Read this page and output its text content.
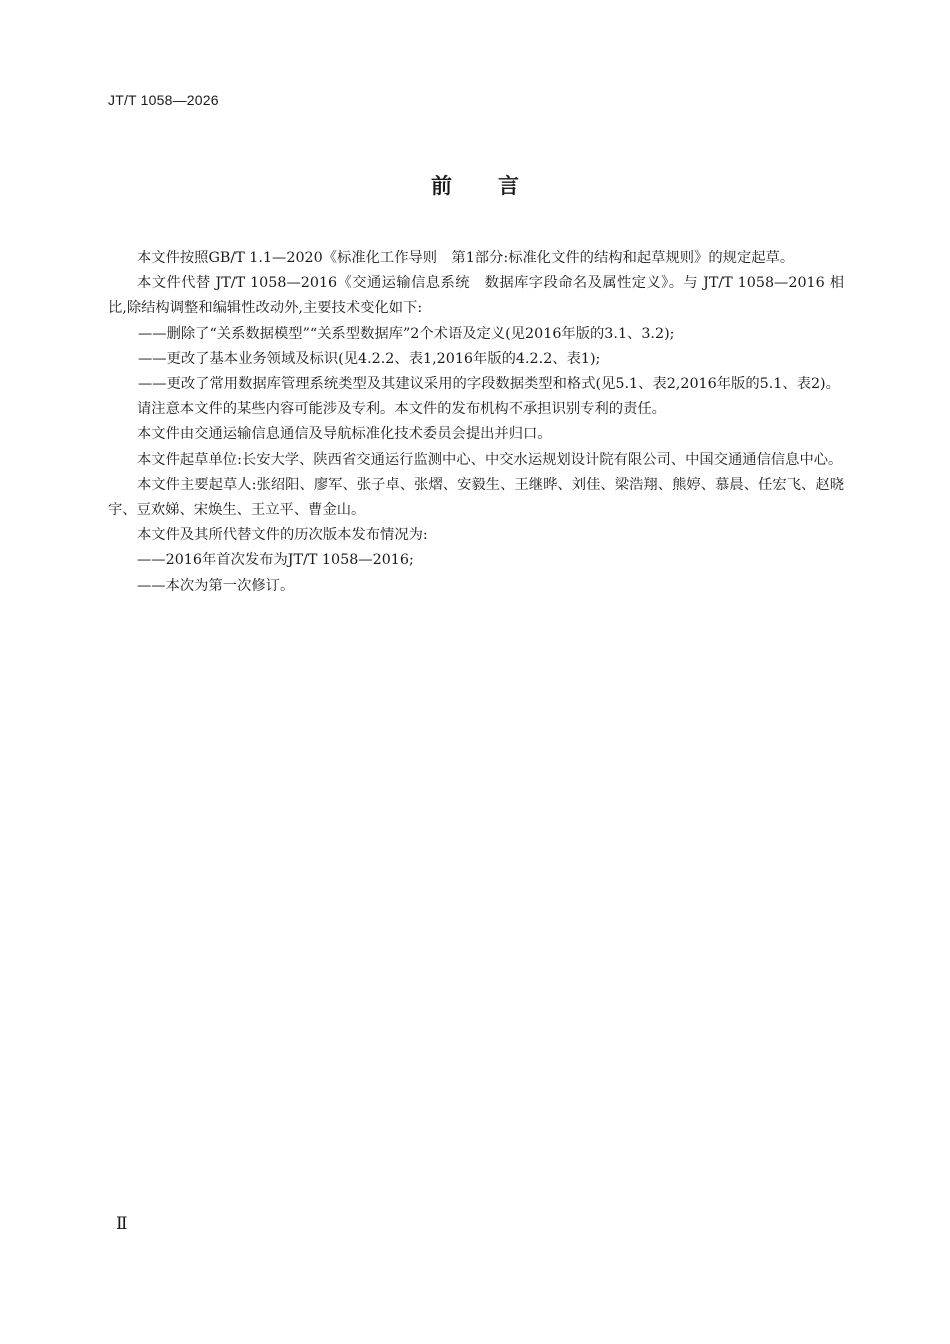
JT/T 1058—2026
前 言

本文件按照GB/T 1.1—2020《标准化工作导则　第1部分:标准化文件的结构和起草规则》的规定起草。

本文件代替 JT/T 1058—2016《交通运输信息系统　数据库字段命名及属性定义》。与 JT/T 1058—2016 相比,除结构调整和编辑性改动外,主要技术变化如下:

——删除了“关系数据模型”“关系型数据库”2个术语及定义(见2016年版的3.1、3.2);

——更改了基本业务领域及标识(见4.2.2、表1,2016年版的4.2.2、表1);

——更改了常用数据库管理系统类型及其建议采用的字段数据类型和格式(见5.1、表2,2016年版的5.1、表2)。

请注意本文件的某些内容可能涉及专利。本文件的发布机构不承担识别专利的责任。

本文件由交通运输信息通信及导航标准化技术委员会提出并归口。

本文件起草单位:长安大学、陕西省交通运行监测中心、中交水运规划设计院有限公司、中国交通通信信息中心。

本文件主要起草人:张绍阳、廖军、张子卓、张熠、安毅生、王继晔、刘佳、梁浩翔、熊婷、慕晨、任宏飞、赵晓宇、豆欢娣、宋焕生、王立平、曹金山。

本文件及其所代替文件的历次版本发布情况为:

——2016年首次发布为JT/T 1058—2016;

——本次为第一次修订。

Ⅱ
